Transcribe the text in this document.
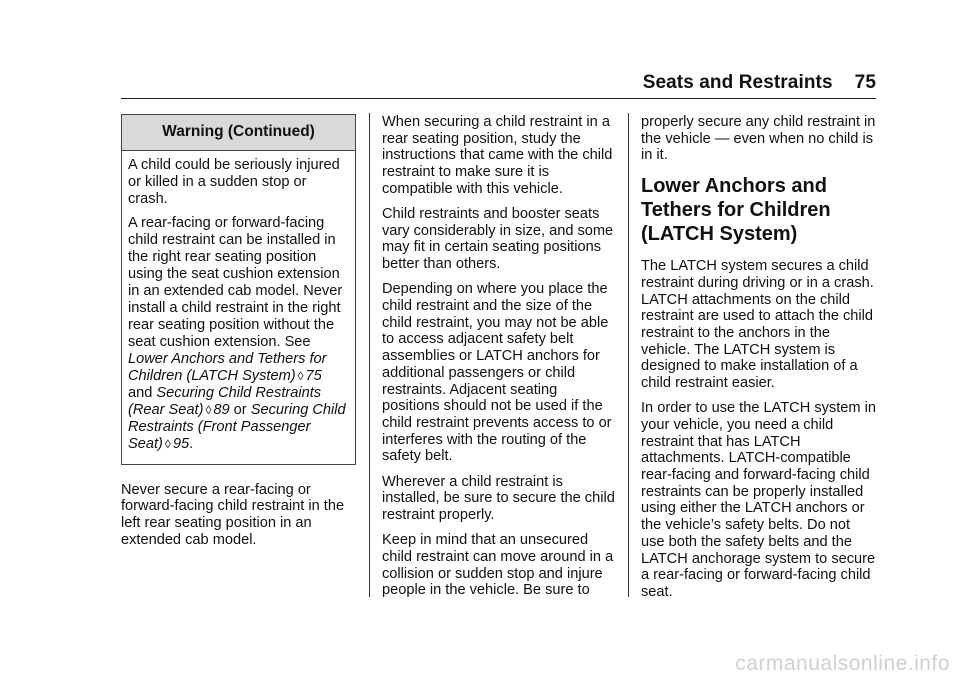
Seats and Restraints 75
Warning (Continued)

A child could be seriously injured or killed in a sudden stop or crash.

A rear-facing or forward-facing child restraint can be installed in the right rear seating position using the seat cushion extension in an extended cab model. Never install a child restraint in the right rear seating position without the seat cushion extension. See Lower Anchors and Tethers for Children (LATCH System) ◊ 75 and Securing Child Restraints (Rear Seat) ◊ 89 or Securing Child Restraints (Front Passenger Seat) ◊ 95.

Never secure a rear-facing or forward-facing child restraint in the left rear seating position in an extended cab model.

When securing a child restraint in a rear seating position, study the instructions that came with the child restraint to make sure it is compatible with this vehicle.

Child restraints and booster seats vary considerably in size, and some may fit in certain seating positions better than others.

Depending on where you place the child restraint and the size of the child restraint, you may not be able to access adjacent safety belt assemblies or LATCH anchors for additional passengers or child restraints. Adjacent seating positions should not be used if the child restraint prevents access to or interferes with the routing of the safety belt.

Wherever a child restraint is installed, be sure to secure the child restraint properly.

Keep in mind that an unsecured child restraint can move around in a collision or sudden stop and injure people in the vehicle. Be sure to

properly secure any child restraint in the vehicle — even when no child is in it.

Lower Anchors and Tethers for Children (LATCH System)

The LATCH system secures a child restraint during driving or in a crash. LATCH attachments on the child restraint are used to attach the child restraint to the anchors in the vehicle. The LATCH system is designed to make installation of a child restraint easier.

In order to use the LATCH system in your vehicle, you need a child restraint that has LATCH attachments. LATCH-compatible rear-facing and forward-facing child restraints can be properly installed using either the LATCH anchors or the vehicle’s safety belts. Do not use both the safety belts and the LATCH anchorage system to secure a rear-facing or forward-facing child seat.

carmanualsonline.info
